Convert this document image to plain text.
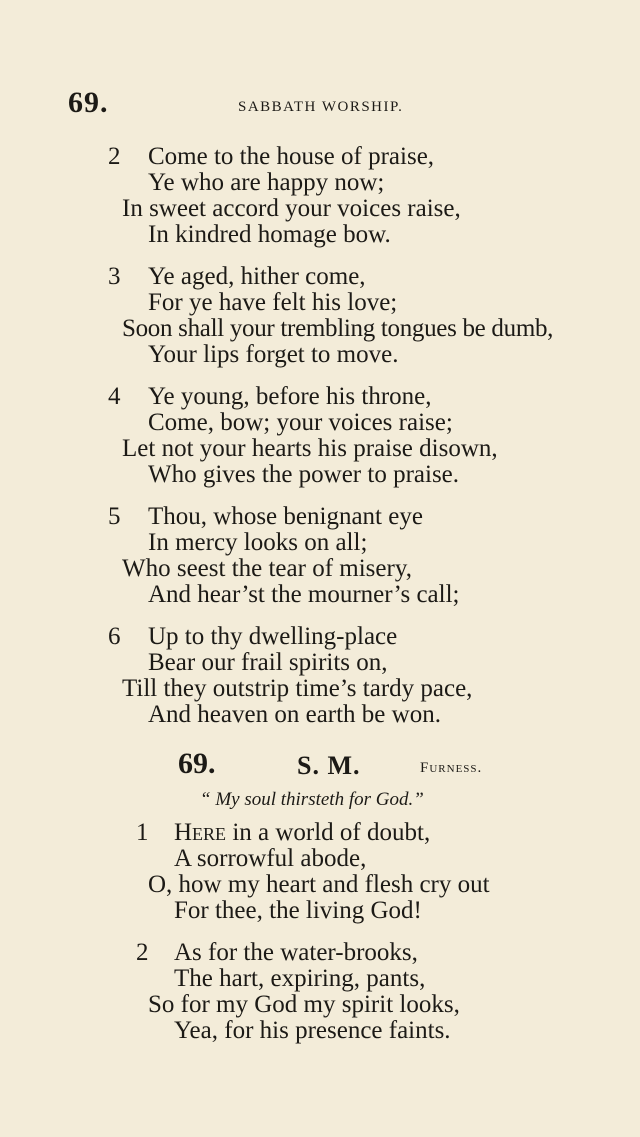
69.	SABBATH WORSHIP.
2 Come to the house of praise,
Ye who are happy now;
In sweet accord your voices raise,
In kindred homage bow.
3 Ye aged, hither come,
For ye have felt his love;
Soon shall your trembling tongues be dumb,
Your lips forget to move.
4 Ye young, before his throne,
Come, bow; your voices raise;
Let not your hearts his praise disown,
Who gives the power to praise.
5 Thou, whose benignant eye
In mercy looks on all;
Who seest the tear of misery,
And hear’st the mourner’s call;
6 Up to thy dwelling-place
Bear our frail spirits on,
Till they outstrip time’s tardy pace,
And heaven on earth be won.
69.	S. M.	Furness.
“ My soul thirsteth for God.”
1 Here in a world of doubt,
A sorrowful abode,
O, how my heart and flesh cry out
For thee, the living God!
2 As for the water-brooks,
The hart, expiring, pants,
So for my God my spirit looks,
Yea, for his presence faints.
